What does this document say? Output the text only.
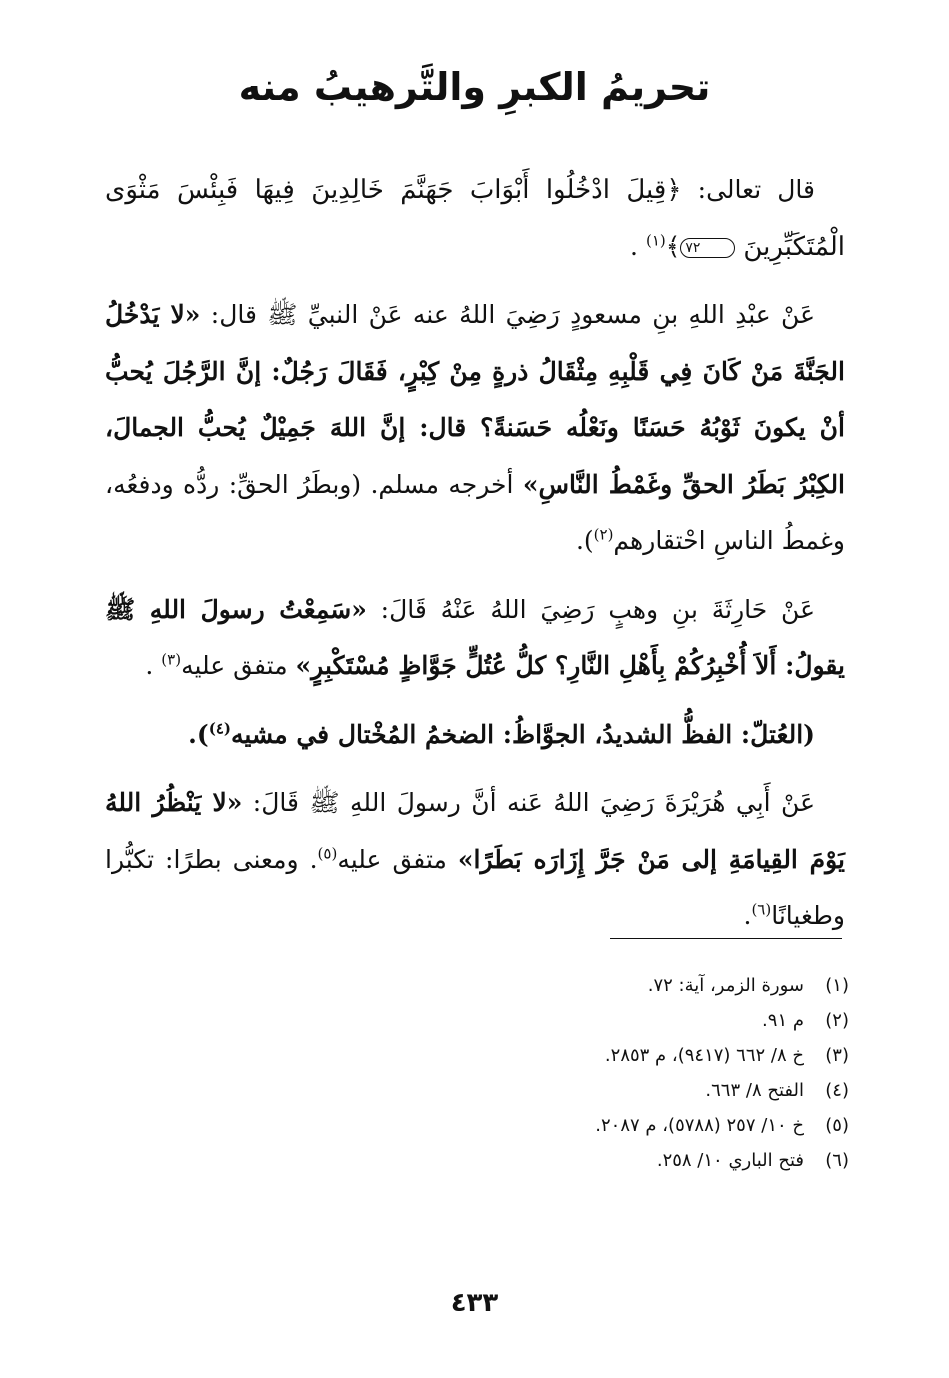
تحريمُ الكبرِ والتَّرهيبُ منه

قال تعالى: ﴿قِيلَ ادْخُلُوا أَبْوَابَ جَهَنَّمَ خَالِدِينَ فِيهَا فَبِئْسَ مَثْوَى الْمُتَكَبِّرِينَ ٧٢﴾$^{(١)}$ .

عَنْ عبْدِ اللهِ بنِ مسعودٍ رَضِيَ اللهُ عنه عَنْ النبيِّ ﷺ قال: «لا يَدْخُلُ الجَنَّةَ مَنْ كَانَ فِي قَلْبِهِ مِثْقَالُ ذرةٍ مِنْ كِبْرٍ، فَقَالَ رَجُلٌ: إنَّ الرَّجُلَ يُحبُّ أنْ يكونَ ثَوْبُهُ حَسَنًا ونَعْلُه حَسَنةً؟ قال: إنَّ اللهَ جَمِيْلٌ يُحبُّ الجمالَ، الكِبْرُ بَطَرُ الحقِّ وغَمْطُ النَّاسِ» أخرجه مسلم. (وبطَرُ الحقِّ: ردُّه ودفعُه، وغمطُ الناسِ احْتقارهم$^{(٢)}$).

عَنْ حَارِثَةَ بنِ وهبٍ رَضِيَ اللهُ عَنْهُ قَالَ: «سَمِعْتُ رسولَ اللهِ ﷺ يقولُ: أَلاَ أُخْبِرُكُمْ بِأَهْلِ النَّارِ؟ كلُّ عُتُلٍّ جَوَّاظٍ مُسْتَكْبِرٍ» متفق عليه$^{(٣)}$ .

(العُتلّ: الفظُّ الشديدُ، الجوَّاظُ: الضخمُ المُخْتال في مشيه$^{(٤)}$).

عَنْ أَبِي هُرَيْرَةَ رَضِيَ اللهُ عَنه أنَّ رسولَ اللهِ ﷺ قَالَ: «لا يَنْظُرُ اللهُ يَوْمَ القِيامَةِ إلى مَنْ جَرَّ إِزَارَه بَطَرًا» متفق عليه$^{(٥)}$. ومعنى بطرًا: تكبُّرا وطغيانًا$^{(٦)}$.

(١)
سورة الزمر، آية: ٧٢.
(٢)
م ٩١.
(٣)
خ ٨/ ٦٦٢ (٩٤١٧)، م ٢٨٥٣.
(٤)
الفتح ٨/ ٦٦٣.
(٥)
خ ١٠/ ٢٥٧ (٥٧٨٨)، م ٢٠٨٧.
(٦)
فتح الباري ١٠/ ٢٥٨.
٤٣٣
